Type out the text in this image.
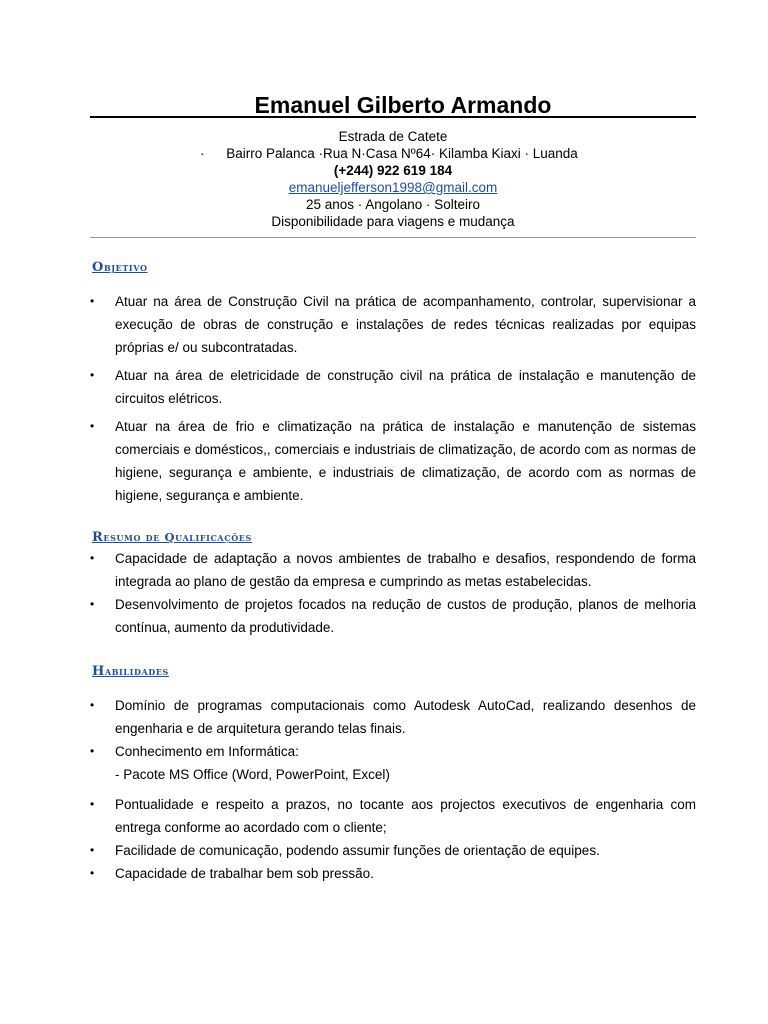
Emanuel Gilberto Armando
Estrada de Catete
· Bairro Palanca ·Rua N·Casa Nº64· Kilamba Kiaxi · Luanda
(+244) 922 619 184
emanueljefferson1998@gmail.com
25 anos · Angolano · Solteiro
Disponibilidade para viagens e mudança
Objetivo
• Atuar na área de Construção Civil na prática de acompanhamento, controlar, supervisionar a execução de obras de construção e instalações de redes técnicas realizadas por equipas próprias e/ ou subcontratadas.
• Atuar na área de eletricidade de construção civil na prática de instalação e manutenção de circuitos elétricos.
• Atuar na área de frio e climatização na prática de instalação e manutenção de sistemas comerciais e domésticos,, comerciais e industriais de climatização, de acordo com as normas de higiene, segurança e ambiente, e industriais de climatização, de acordo com as normas de higiene, segurança e ambiente.
Resumo de Qualificações
• Capacidade de adaptação a novos ambientes de trabalho e desafios, respondendo de forma integrada ao plano de gestão da empresa e cumprindo as metas estabelecidas.
• Desenvolvimento de projetos focados na redução de custos de produção, planos de melhoria contínua, aumento da produtividade.
Habilidades
• Domínio de programas computacionais como Autodesk AutoCad, realizando desenhos de engenharia e de arquitetura gerando telas finais.
• Conhecimento em Informática:
- Pacote MS Office (Word, PowerPoint, Excel)
• Pontualidade e respeito a prazos, no tocante aos projectos executivos de engenharia com entrega conforme ao acordado com o cliente;
• Facilidade de comunicação, podendo assumir funções de orientação de equipes.
• Capacidade de trabalhar bem sob pressão.
